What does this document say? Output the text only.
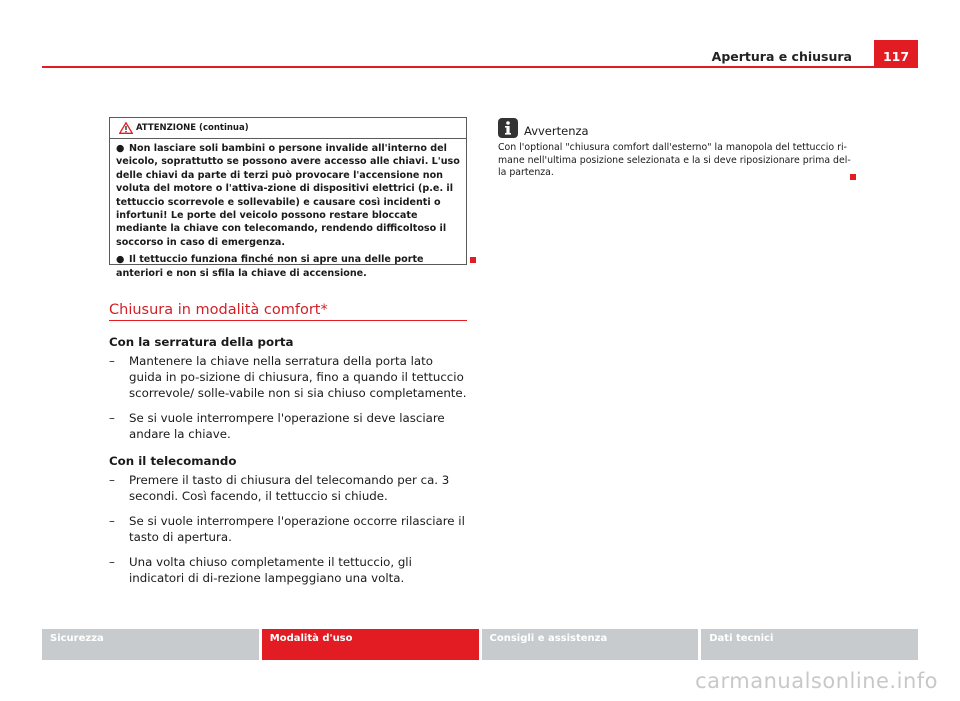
Apertura e chiusura	117
ATTENZIONE (continua)

● Non lasciare soli bambini o persone invalide all'interno del veicolo, soprattutto se possono avere accesso alle chiavi. L'uso delle chiavi da parte di terzi può provocare l'accensione non voluta del motore o l'attiva-zione di dispositivi elettrici (p.e. il tettuccio scorrevole e sollevabile) e causare così incidenti o infortuni! Le porte del veicolo possono restare bloccate mediante la chiave con telecomando, rendendo difficoltoso il soccorso in caso di emergenza.

● Il tettuccio funziona finché non si apre una delle porte anteriori e non si sfila la chiave di accensione.

Chiusura in modalità comfort*
Con la serratura della porta
– Mantenere la chiave nella serratura della porta lato guida in po-sizione di chiusura, fino a quando il tettuccio scorrevole/ solle-vabile non si sia chiuso completamente.
– Se si vuole interrompere l'operazione si deve lasciare andare la chiave.
Con il telecomando
– Premere il tasto di chiusura del telecomando per ca. 3 secondi. Così facendo, il tettuccio si chiude.
– Se si vuole interrompere l'operazione occorre rilasciare il tasto di apertura.
– Una volta chiuso completamente il tettuccio, gli indicatori di di-rezione lampeggiano una volta.
Avvertenza
Con l'optional "chiusura comfort dall'esterno" la manopola del tettuccio ri-mane nell'ultima posizione selezionata e la si deve riposizionare prima del-la partenza.
Sicurezza	Modalità d'uso	Consigli e assistenza	Dati tecnici
carmanualsonline.info
